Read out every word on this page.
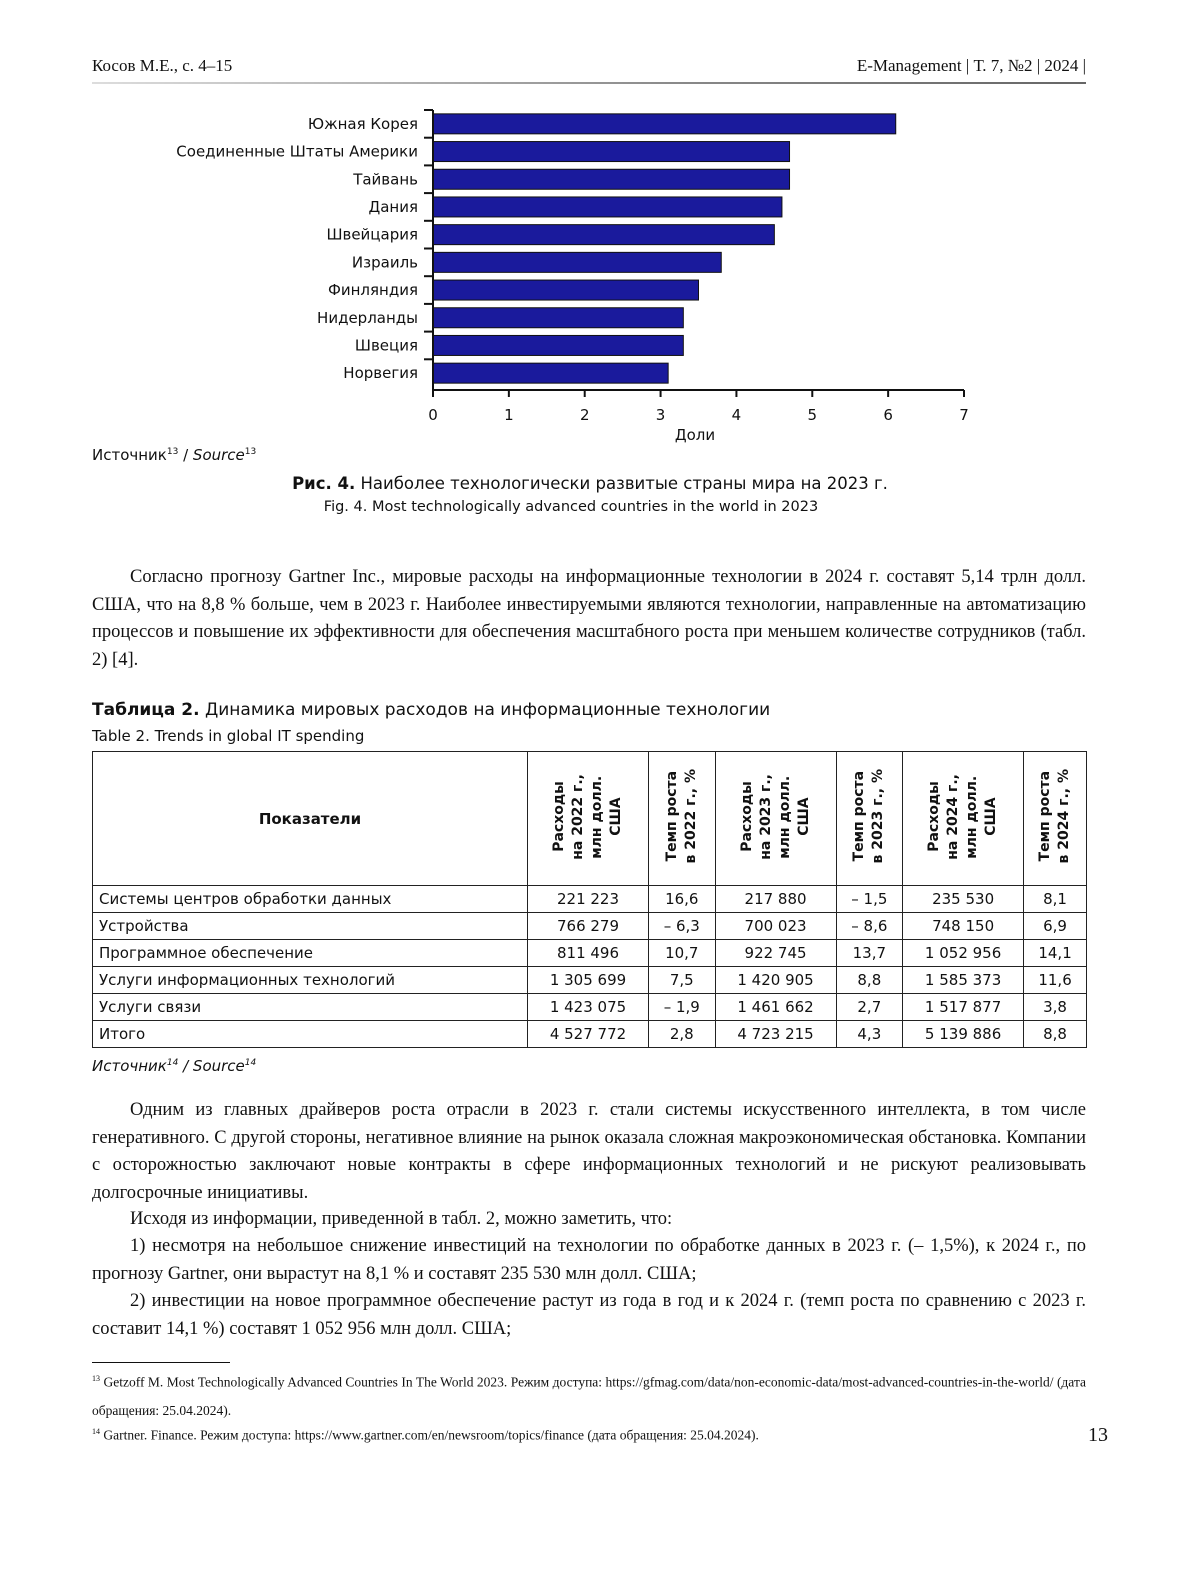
Косов М.Е., с. 4–15	E-Management | Т. 7, №2 | 2024 |
Южная Корея
Соединенные Штаты Америки
Тайвань
Дания
Швейцария
Израиль
Финляндия
Нидерланды
Швеция
Норвегия
0	1	2	3	4	5	6	7
Доли
Источник$^{13}$ / Source$^{13}$
Рис. 4. Наиболее технологически развитые страны мира на 2023 г.
Fig. 4. Most technologically advanced countries in the world in 2023
Согласно прогнозу Gartner Inc., мировые расходы на информационные технологии в 2024 г. составят 5,14 трлн долл. США, что на 8,8 % больше, чем в 2023 г. Наиболее инвестируемыми являются технологии, направленные на автоматизацию процессов и повышение их эффективности для обеспечения масштабного роста при меньшем количестве сотрудников (табл. 2) [4].
Таблица 2. Динамика мировых расходов на информационные технологии
Table 2. Trends in global IT spending
Показатели	Расходы на 2022 г., млн долл. США	Темп роста в 2022 г., %	Расходы на 2023 г., млн долл. США	Темп роста в 2023 г., %	Расходы на 2024 г., млн долл. США	Темп роста в 2024 г., %

Системы центров обработки данных	221 223	16,6	217 880	– 1,5	235 530	8,1
Устройства	766 279	– 6,3	700 023	– 8,6	748 150	6,9
Программное обеспечение	811 496	10,7	922 745	13,7	1 052 956	14,1
Услуги информационных технологий	1 305 699	7,5	1 420 905	8,8	1 585 373	11,6
Услуги связи	1 423 075	– 1,9	1 461 662	2,7	1 517 877	3,8
Итого	4 527 772	2,8	4 723 215	4,3	5 139 886	8,8
Источник$^{14}$ / Source$^{14}$
Одним из главных драйверов роста отрасли в 2023 г. стали системы искусственного интеллекта, в том числе генеративного. С другой стороны, негативное влияние на рынок оказала сложная макроэкономическая обстановка. Компании с осторожностью заключают новые контракты в сфере информационных технологий и не рискуют реализовывать долгосрочные инициативы.
Исходя из информации, приведенной в табл. 2, можно заметить, что:
1) несмотря на небольшое снижение инвестиций на технологии по обработке данных в 2023 г. (– 1,5%), к 2024 г., по прогнозу Gartner, они вырастут на 8,1 % и составят 235 530 млн долл. США;
2) инвестиции на новое программное обеспечение растут из года в год и к 2024 г. (темп роста по сравнению с 2023 г. составит 14,1 %) составят 1 052 956 млн долл. США;
$^{13}$ Getzoff M. Most Technologically Advanced Countries In The World 2023. Режим доступа: https://gfmag.com/data/non-economic-data/most-advanced-countries-in-the-world/ (дата обращения: 25.04.2024).
$^{14}$ Gartner. Finance. Режим доступа: https://www.gartner.com/en/newsroom/topics/finance (дата обращения: 25.04.2024).	13
